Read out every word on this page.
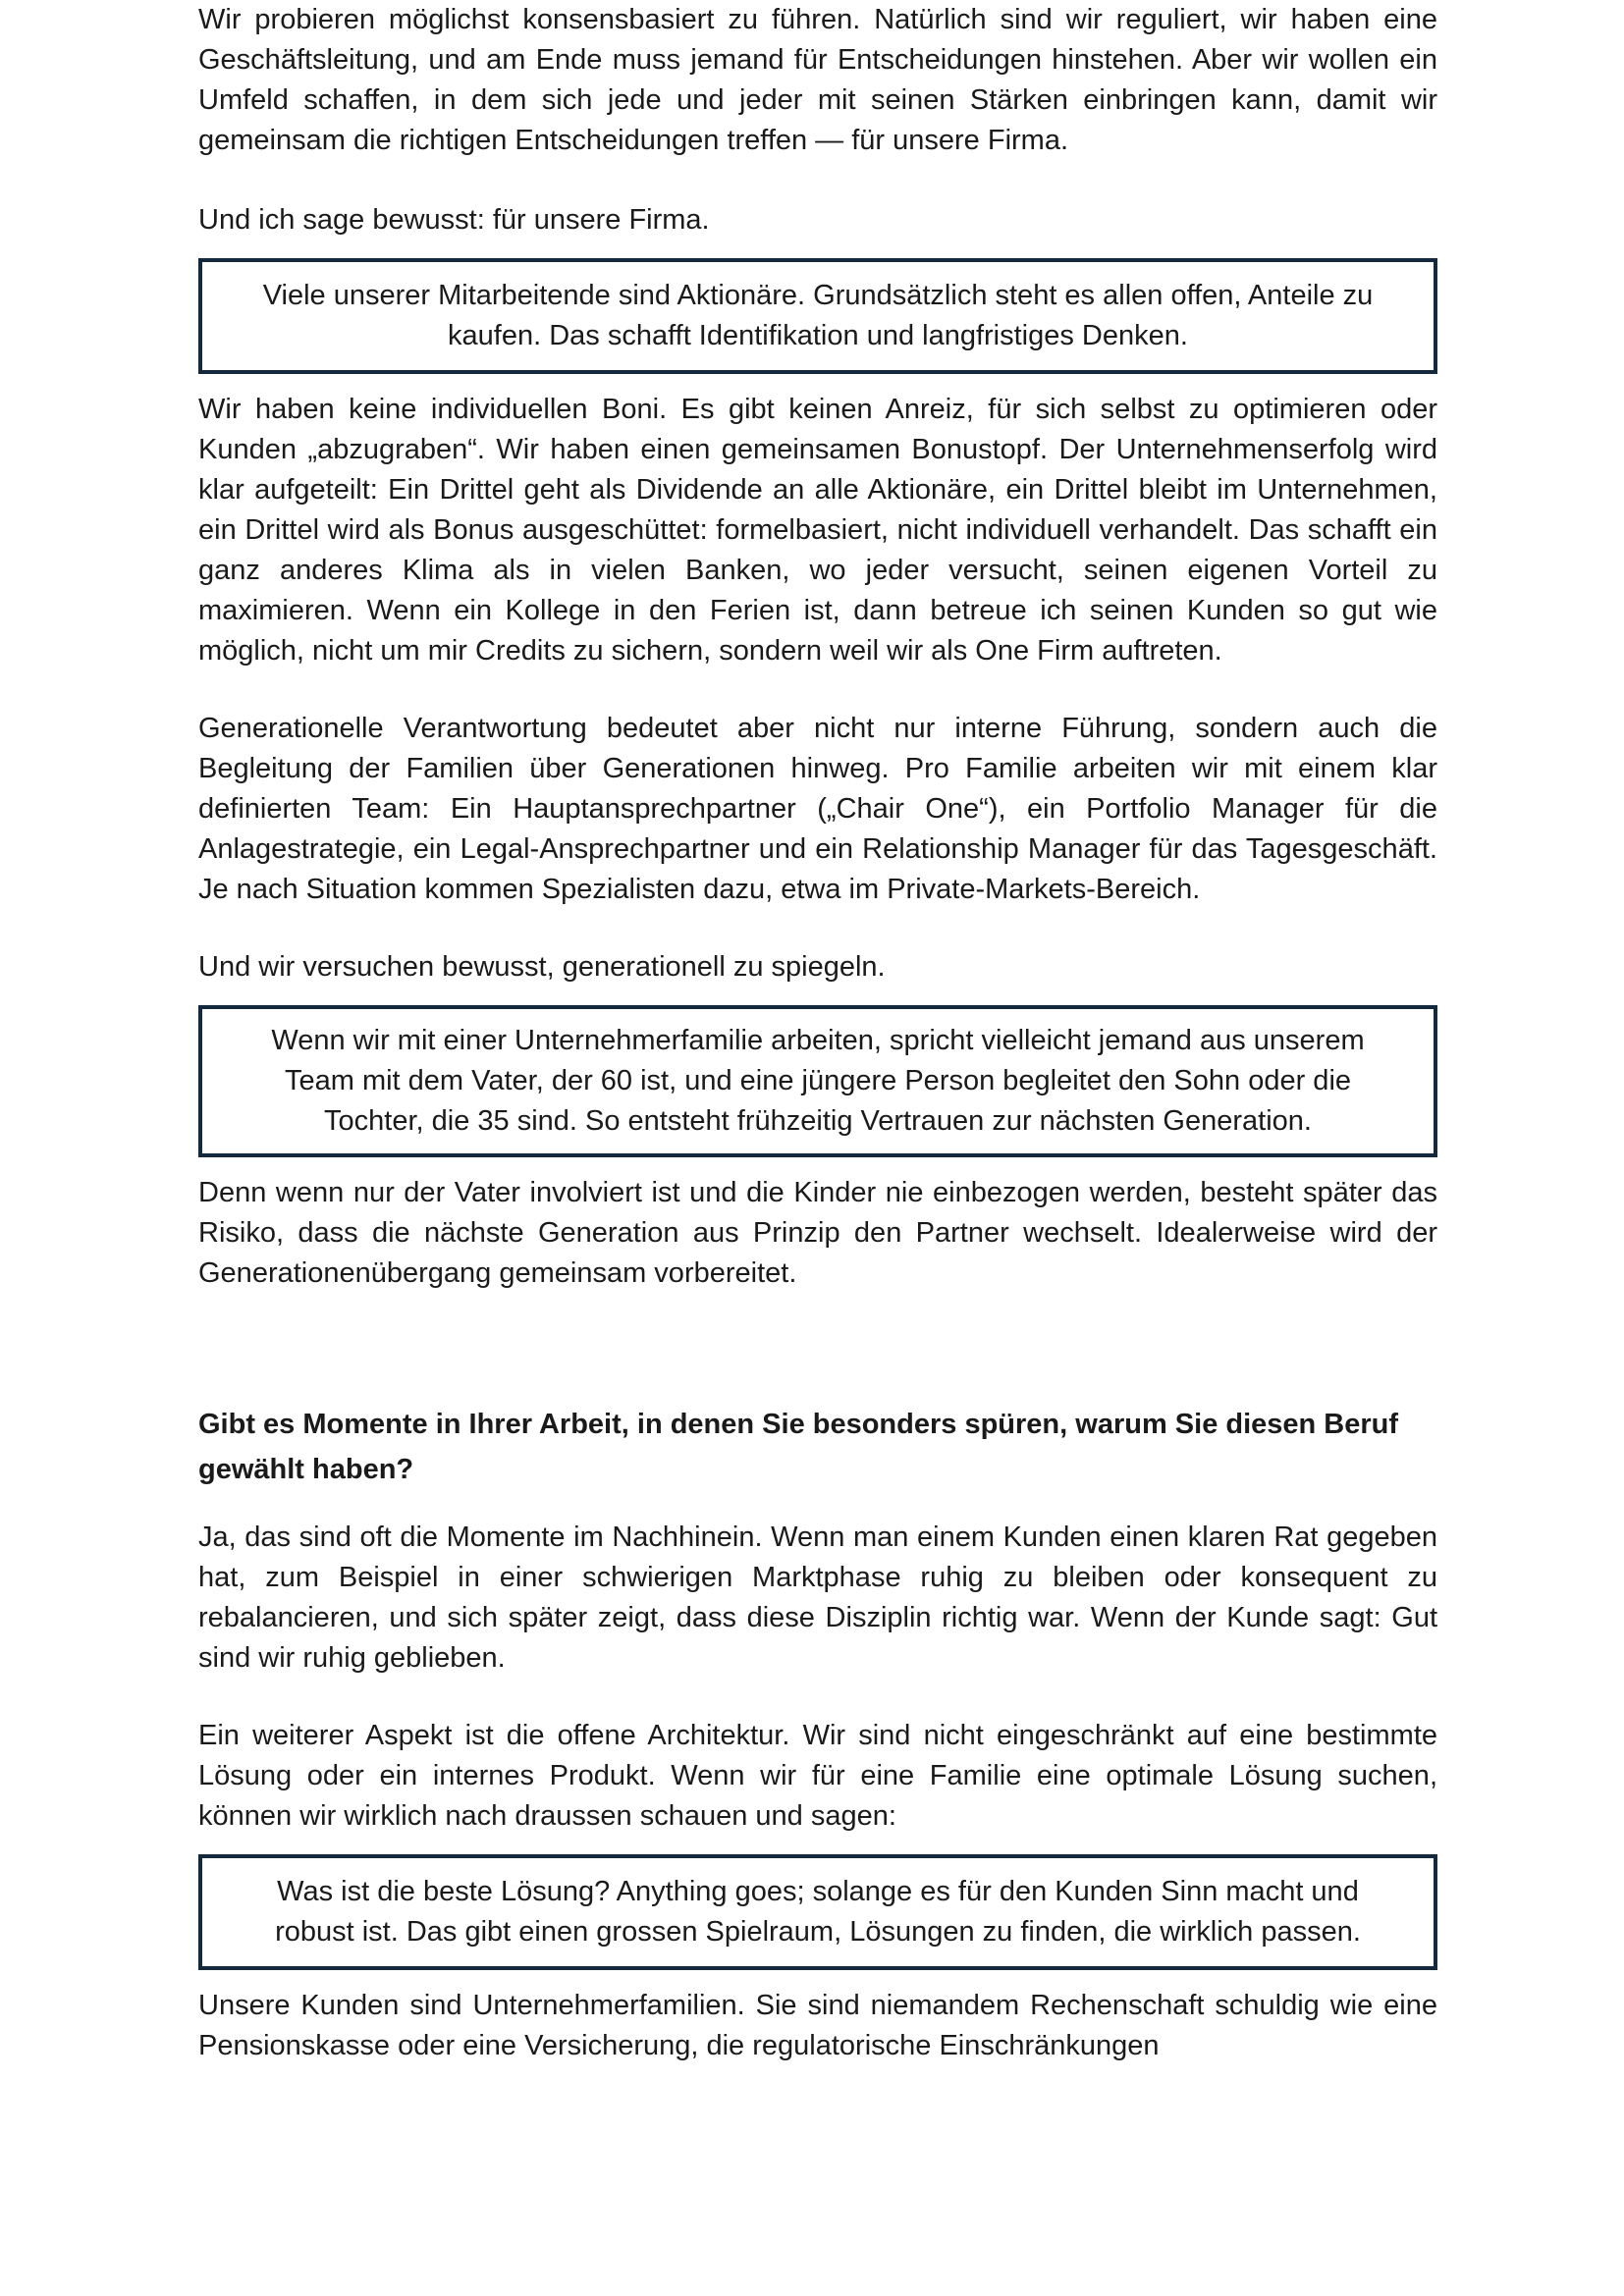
Wir probieren möglichst konsensbasiert zu führen. Natürlich sind wir reguliert, wir haben eine Geschäftsleitung, und am Ende muss jemand für Entscheidungen hinstehen. Aber wir wollen ein Umfeld schaffen, in dem sich jede und jeder mit seinen Stärken einbringen kann, damit wir gemeinsam die richtigen Entscheidungen treffen — für unsere Firma.

Und ich sage bewusst: für unsere Firma.

Viele unserer Mitarbeitende sind Aktionäre. Grundsätzlich steht es allen offen, Anteile zu kaufen. Das schafft Identifikation und langfristiges Denken.

Wir haben keine individuellen Boni. Es gibt keinen Anreiz, für sich selbst zu optimieren oder Kunden „abzugraben“. Wir haben einen gemeinsamen Bonustopf. Der Unternehmenserfolg wird klar aufgeteilt: Ein Drittel geht als Dividende an alle Aktionäre, ein Drittel bleibt im Unternehmen, ein Drittel wird als Bonus ausgeschüttet: formelbasiert, nicht individuell verhandelt. Das schafft ein ganz anderes Klima als in vielen Banken, wo jeder versucht, seinen eigenen Vorteil zu maximieren. Wenn ein Kollege in den Ferien ist, dann betreue ich seinen Kunden so gut wie möglich, nicht um mir Credits zu sichern, sondern weil wir als One Firm auftreten.

Generationelle Verantwortung bedeutet aber nicht nur interne Führung, sondern auch die Begleitung der Familien über Generationen hinweg. Pro Familie arbeiten wir mit einem klar definierten Team: Ein Hauptansprechpartner („Chair One“), ein Portfolio Manager für die Anlagestrategie, ein Legal-Ansprechpartner und ein Relationship Manager für das Tagesgeschäft. Je nach Situation kommen Spezialisten dazu, etwa im Private-Markets-Bereich.

Und wir versuchen bewusst, generationell zu spiegeln.

Wenn wir mit einer Unternehmerfamilie arbeiten, spricht vielleicht jemand aus unserem Team mit dem Vater, der 60 ist, und eine jüngere Person begleitet den Sohn oder die Tochter, die 35 sind. So entsteht frühzeitig Vertrauen zur nächsten Generation.

Denn wenn nur der Vater involviert ist und die Kinder nie einbezogen werden, besteht später das Risiko, dass die nächste Generation aus Prinzip den Partner wechselt. Idealerweise wird der Generationenübergang gemeinsam vorbereitet.

Gibt es Momente in Ihrer Arbeit, in denen Sie besonders spüren, warum Sie diesen Beruf gewählt haben?

Ja, das sind oft die Momente im Nachhinein. Wenn man einem Kunden einen klaren Rat gegeben hat, zum Beispiel in einer schwierigen Marktphase ruhig zu bleiben oder konsequent zu rebalancieren, und sich später zeigt, dass diese Disziplin richtig war. Wenn der Kunde sagt: Gut sind wir ruhig geblieben.

Ein weiterer Aspekt ist die offene Architektur. Wir sind nicht eingeschränkt auf eine bestimmte Lösung oder ein internes Produkt. Wenn wir für eine Familie eine optimale Lösung suchen, können wir wirklich nach draussen schauen und sagen:

Was ist die beste Lösung? Anything goes; solange es für den Kunden Sinn macht und robust ist. Das gibt einen grossen Spielraum, Lösungen zu finden, die wirklich passen.

Unsere Kunden sind Unternehmerfamilien. Sie sind niemandem Rechenschaft schuldig wie eine Pensionskasse oder eine Versicherung, die regulatorische Einschränkungen
